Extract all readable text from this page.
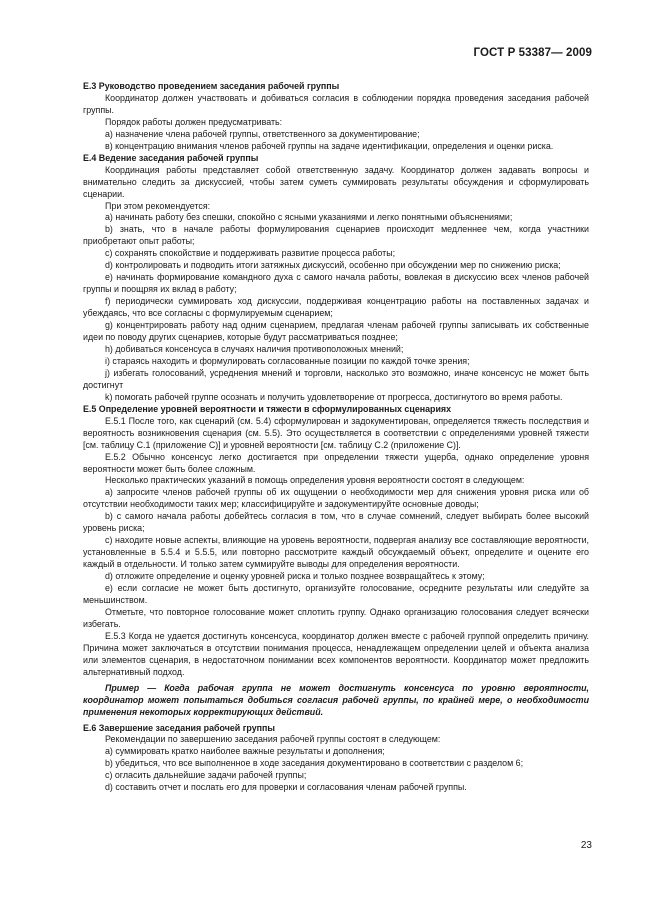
ГОСТ Р 53387— 2009
Е.3 Руководство проведением заседания рабочей группы
Координатор должен участвовать и добиваться согласия в соблюдении порядка проведения заседания рабочей группы.
Порядок работы должен предусматривать:
а) назначение члена рабочей группы, ответственного за документирование;
в) концентрацию внимания членов рабочей группы на задаче идентификации, определения и оценки риска.
Е.4 Ведение заседания рабочей группы
Координация работы представляет собой ответственную задачу. Координатор должен задавать вопросы и внимательно следить за дискуссией, чтобы затем суметь суммировать результаты обсуждения и сформулировать сценарии.
При этом рекомендуется:
а) начинать работу без спешки, спокойно с ясными указаниями и легко понятными объяснениями;
b) знать, что в начале работы формулирования сценариев происходит медленнее чем, когда участники приобретают опыт работы;
с) сохранять спокойствие и поддерживать развитие процесса работы;
d) контролировать и подводить итоги затяжных дискуссий, особенно при обсуждении мер по снижению риска;
е) начинать формирование командного духа с самого начала работы, вовлекая в дискуссию всех членов рабочей группы и поощряя их вклад в работу;
f) периодически суммировать ход дискуссии, поддерживая концентрацию работы на поставленных задачах и убеждаясь, что все согласны с формулируемым сценарием;
g) концентрировать работу над одним сценарием, предлагая членам рабочей группы записывать их собственные идеи по поводу других сценариев, которые будут рассматриваться позднее;
h) добиваться консенсуса в случаях наличия противоположных мнений;
i) стараясь находить и формулировать согласованные позиции по каждой точке зрения;
j) избегать голосований, усреднения мнений и торговли, насколько это возможно, иначе консенсус не может быть достигнут
k) помогать рабочей группе осознать и получить удовлетворение от прогресса, достигнутого во время работы.
Е.5 Определение уровней вероятности и тяжести в сформулированных сценариях
Е.5.1 После того, как сценарий (см. 5.4) сформулирован и задокументирован, определяется тяжесть последствия и вероятность возникновения сценария (см. 5.5). Это осуществляется в соответствии с определениями уровней тяжести [см. таблицу С.1 (приложение С)] и уровней вероятности [см. таблицу С.2 (приложение С)].
Е.5.2 Обычно консенсус легко достигается при определении тяжести ущерба, однако определение уровня вероятности может быть более сложным.
Несколько практических указаний в помощь определения уровня вероятности состоят в следующем:
а) запросите членов рабочей группы об их ощущении о необходимости мер для снижения уровня риска или об отсутствии необходимости таких мер; классифицируйте и задокументируйте основные доводы;
b) с самого начала работы добейтесь согласия в том, что в случае сомнений, следует выбирать более высокий уровень риска;
с) находите новые аспекты, влияющие на уровень вероятности, подвергая анализу все составляющие вероятности, установленные в 5.5.4 и 5.5.5, или повторно рассмотрите каждый обсуждаемый объект, определите и оцените его каждый в отдельности. И только затем суммируйте выводы для определения вероятности.
d) отложите определение и оценку уровней риска и только позднее возвращайтесь к этому;
е) если согласие не может быть достигнуто, организуйте голосование, осредните результаты или следуйте за меньшинством.
Отметьте, что повторное голосование может сплотить группу. Однако организацию голосования следует всячески избегать.
Е.5.3 Когда не удается достигнуть консенсуса, координатор должен вместе с рабочей группой определить причину. Причина может заключаться в отсутствии понимания процесса, ненадлежащем определении целей и объекта анализа или элементов сценария, в недостаточном понимании всех компонентов вероятности. Координатор может предложить альтернативный подход.
Пример — Когда рабочая группа не может достигнуть консенсуса по уровню вероятности, координатор может попытаться добиться согласия рабочей группы, по крайней мере, о необходимости применения некоторых корректирующих действий.
Е.6 Завершение заседания рабочей группы
Рекомендации по завершению заседания рабочей группы состоят в следующем:
а) суммировать кратко наиболее важные результаты и дополнения;
b) убедиться, что все выполненное в ходе заседания документировано в соответствии с разделом 6;
с) огласить дальнейшие задачи рабочей группы;
d) составить отчет и послать его для проверки и согласования членам рабочей группы.
23
